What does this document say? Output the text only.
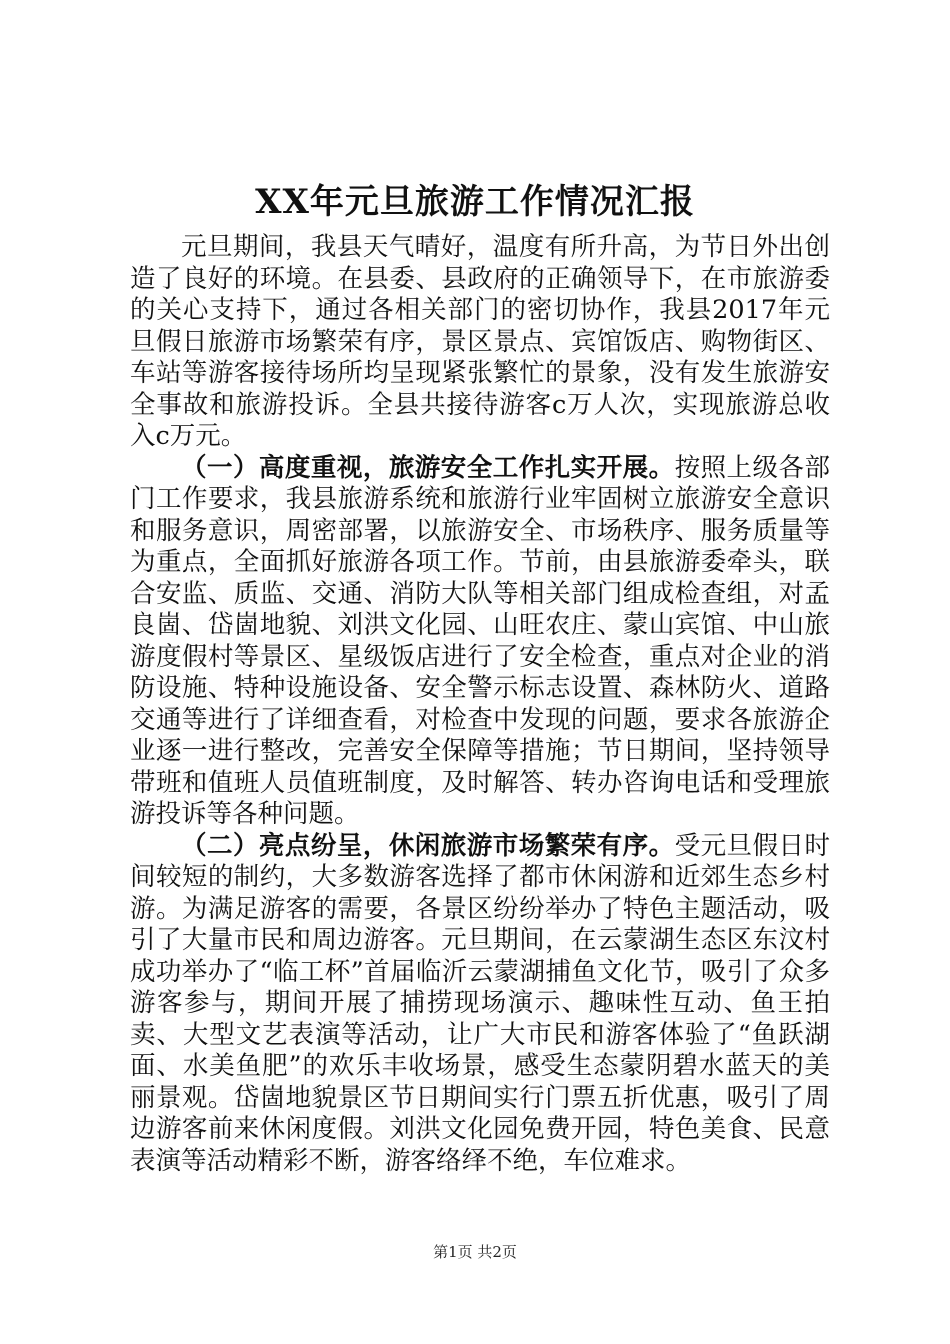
XX年元旦旅游工作情况汇报

元旦期间，我县天气晴好，温度有所升高，为节日外出创造了良好的环境。在县委、县政府的正确领导下，在市旅游委的关心支持下，通过各相关部门的密切协作，我县2017年元旦假日旅游市场繁荣有序，景区景点、宾馆饭店、购物街区、车站等游客接待场所均呈现紧张繁忙的景象，没有发生旅游安全事故和旅游投诉。全县共接待游客c万人次，实现旅游总收入c万元。

（一）高度重视，旅游安全工作扎实开展。按照上级各部门工作要求，我县旅游系统和旅游行业牢固树立旅游安全意识和服务意识，周密部署，以旅游安全、市场秩序、服务质量等为重点，全面抓好旅游各项工作。节前，由县旅游委牵头，联合安监、质监、交通、消防大队等相关部门组成检查组，对孟良崮、岱崮地貌、刘洪文化园、山旺农庄、蒙山宾馆、中山旅游度假村等景区、星级饭店进行了安全检查，重点对企业的消防设施、特种设施设备、安全警示标志设置、森林防火、道路交通等进行了详细查看，对检查中发现的问题，要求各旅游企业逐一进行整改，完善安全保障等措施；节日期间，坚持领导带班和值班人员值班制度，及时解答、转办咨询电话和受理旅游投诉等各种问题。

（二）亮点纷呈，休闲旅游市场繁荣有序。受元旦假日时间较短的制约，大多数游客选择了都市休闲游和近郊生态乡村游。为满足游客的需要，各景区纷纷举办了特色主题活动，吸引了大量市民和周边游客。元旦期间，在云蒙湖生态区东汶村成功举办了“临工杯”首届临沂云蒙湖捕鱼文化节，吸引了众多游客参与，期间开展了捕捞现场演示、趣味性互动、鱼王拍卖、大型文艺表演等活动，让广大市民和游客体验了“鱼跃湖面、水美鱼肥”的欢乐丰收场景，感受生态蒙阴碧水蓝天的美丽景观。岱崮地貌景区节日期间实行门票五折优惠，吸引了周边游客前来休闲度假。刘洪文化园免费开园，特色美食、民意表演等活动精彩不断，游客络绎不绝，车位难求。

第1页 共2页
